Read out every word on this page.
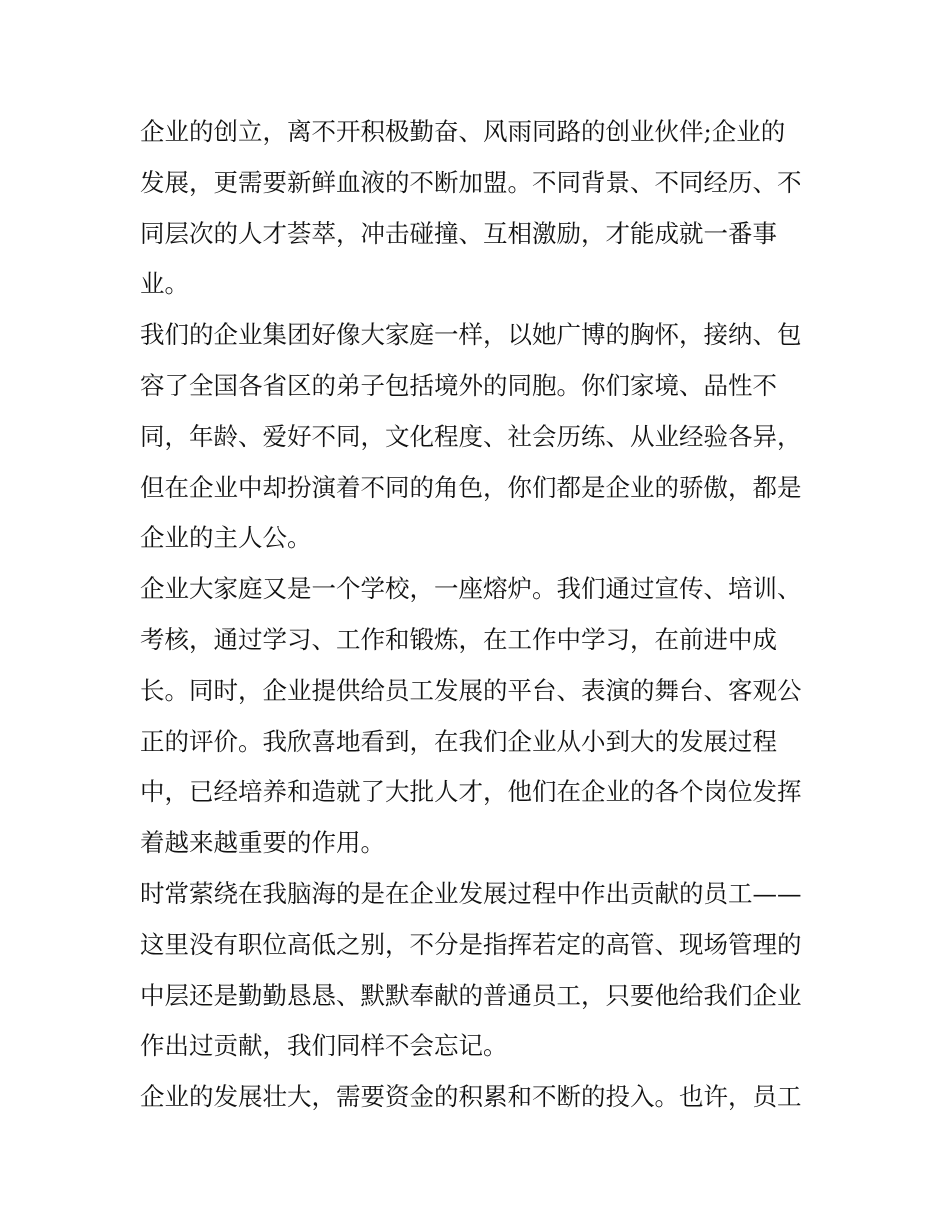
企业的创立，离不开积极勤奋、风雨同路的创业伙伴;企业的
发展，更需要新鲜血液的不断加盟。不同背景、不同经历、不
同层次的人才荟萃，冲击碰撞、互相激励，才能成就一番事
业。
我们的企业集团好像大家庭一样，以她广博的胸怀，接纳、包
容了全国各省区的弟子包括境外的同胞。你们家境、品性不
同，年龄、爱好不同，文化程度、社会历练、从业经验各异，
但在企业中却扮演着不同的角色，你们都是企业的骄傲，都是
企业的主人公。
企业大家庭又是一个学校，一座熔炉。我们通过宣传、培训、
考核，通过学习、工作和锻炼，在工作中学习，在前进中成
长。同时，企业提供给员工发展的平台、表演的舞台、客观公
正的评价。我欣喜地看到，在我们企业从小到大的发展过程
中，已经培养和造就了大批人才，他们在企业的各个岗位发挥
着越来越重要的作用。
时常萦绕在我脑海的是在企业发展过程中作出贡献的员工——
这里没有职位高低之别，不分是指挥若定的高管、现场管理的
中层还是勤勤恳恳、默默奉献的普通员工，只要他给我们企业
作出过贡献，我们同样不会忘记。
企业的发展壮大，需要资金的积累和不断的投入。也许，员工
